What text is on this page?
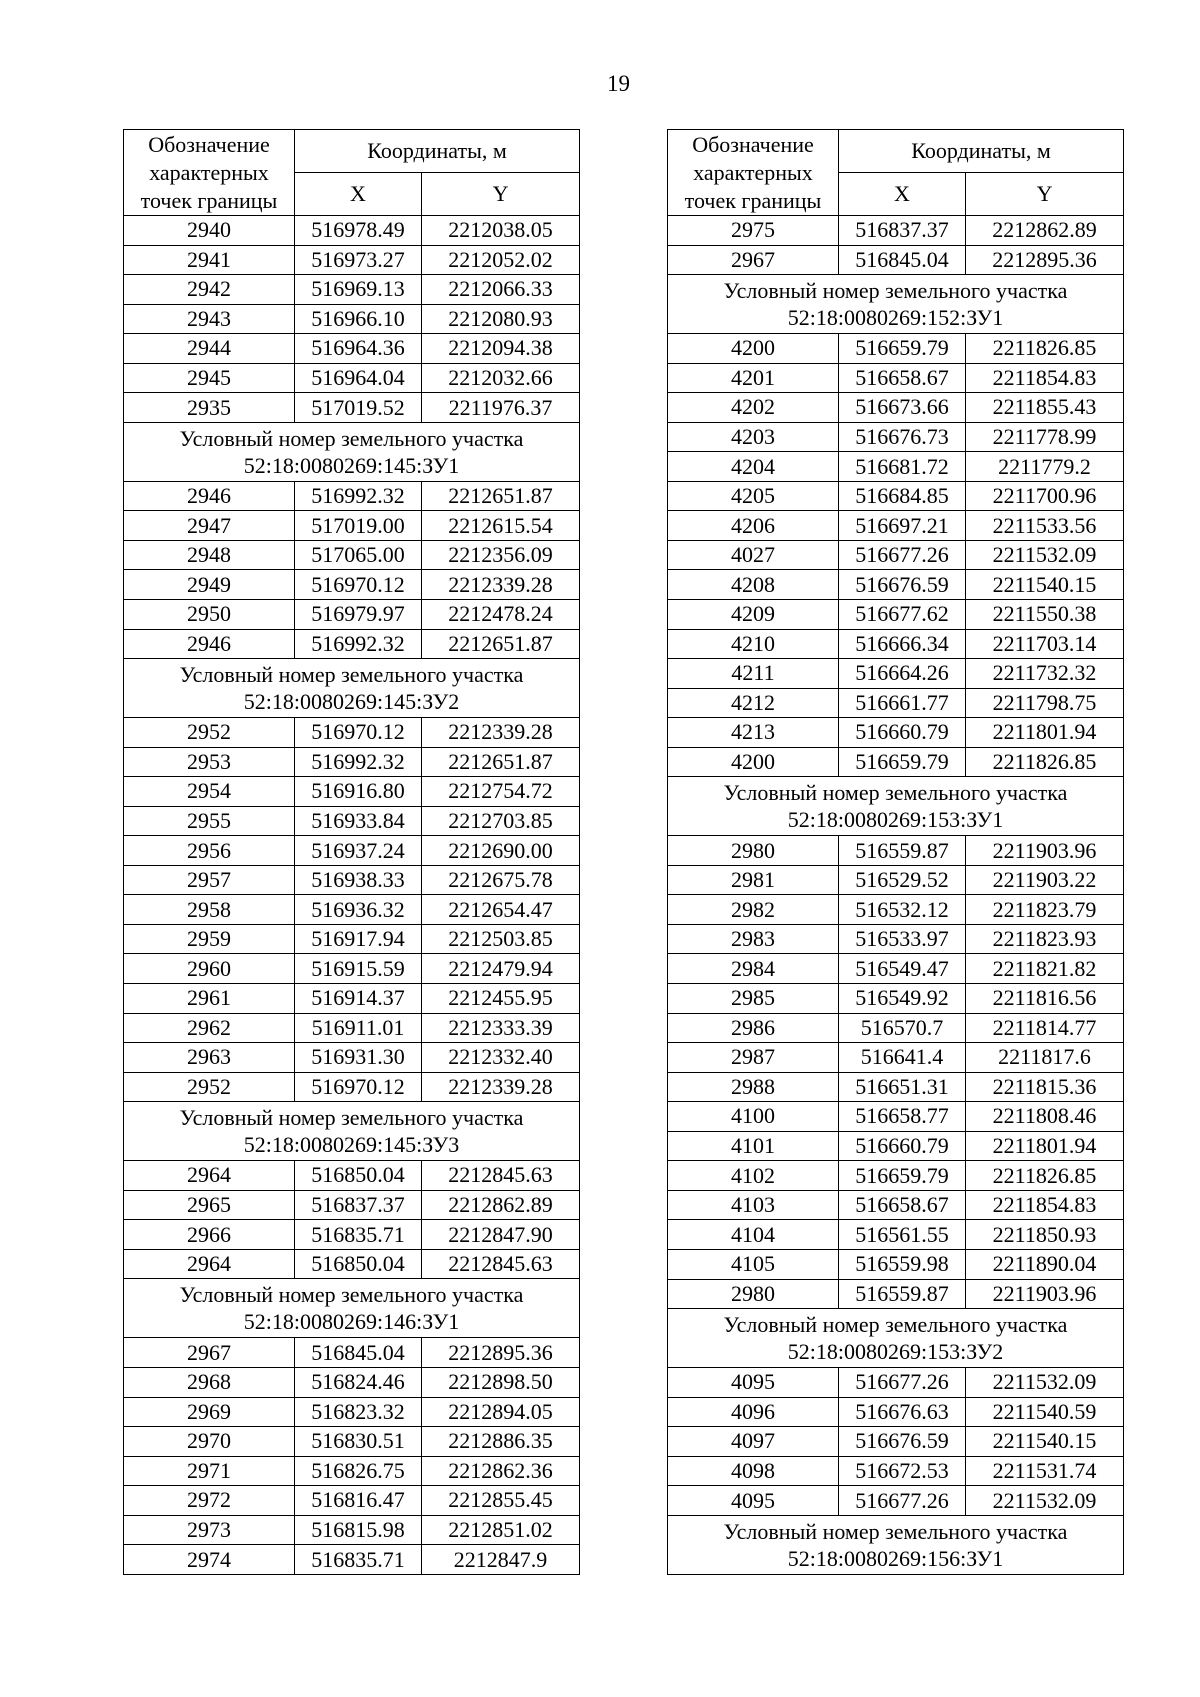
19
Обозначение характерных точек границы	Координаты, м	
	X	Y
2940	516978.49	2212038.05
2941	516973.27	2212052.02
2942	516969.13	2212066.33
2943	516966.10	2212080.93
2944	516964.36	2212094.38
2945	516964.04	2212032.66
2935	517019.52	2211976.37
Условный номер земельного участка 52:18:0080269:145:ЗУ1		
2946	516992.32	2212651.87
2947	517019.00	2212615.54
2948	517065.00	2212356.09
2949	516970.12	2212339.28
2950	516979.97	2212478.24
2946	516992.32	2212651.87
Условный номер земельного участка 52:18:0080269:145:ЗУ2		
2952	516970.12	2212339.28
2953	516992.32	2212651.87
2954	516916.80	2212754.72
2955	516933.84	2212703.85
2956	516937.24	2212690.00
2957	516938.33	2212675.78
2958	516936.32	2212654.47
2959	516917.94	2212503.85
2960	516915.59	2212479.94
2961	516914.37	2212455.95
2962	516911.01	2212333.39
2963	516931.30	2212332.40
2952	516970.12	2212339.28
Условный номер земельного участка 52:18:0080269:145:ЗУ3		
2964	516850.04	2212845.63
2965	516837.37	2212862.89
2966	516835.71	2212847.90
2964	516850.04	2212845.63
Условный номер земельного участка 52:18:0080269:146:ЗУ1		
2967	516845.04	2212895.36
2968	516824.46	2212898.50
2969	516823.32	2212894.05
2970	516830.51	2212886.35
2971	516826.75	2212862.36
2972	516816.47	2212855.45
2973	516815.98	2212851.02
2974	516835.71	2212847.9
Обозначение характерных точек границы	Координаты, м	
	X	Y
2975	516837.37	2212862.89
2967	516845.04	2212895.36
Условный номер земельного участка 52:18:0080269:152:ЗУ1		
4200	516659.79	2211826.85
4201	516658.67	2211854.83
4202	516673.66	2211855.43
4203	516676.73	2211778.99
4204	516681.72	2211779.2
4205	516684.85	2211700.96
4206	516697.21	2211533.56
4027	516677.26	2211532.09
4208	516676.59	2211540.15
4209	516677.62	2211550.38
4210	516666.34	2211703.14
4211	516664.26	2211732.32
4212	516661.77	2211798.75
4213	516660.79	2211801.94
4200	516659.79	2211826.85
Условный номер земельного участка 52:18:0080269:153:ЗУ1		
2980	516559.87	2211903.96
2981	516529.52	2211903.22
2982	516532.12	2211823.79
2983	516533.97	2211823.93
2984	516549.47	2211821.82
2985	516549.92	2211816.56
2986	516570.7	2211814.77
2987	516641.4	2211817.6
2988	516651.31	2211815.36
4100	516658.77	2211808.46
4101	516660.79	2211801.94
4102	516659.79	2211826.85
4103	516658.67	2211854.83
4104	516561.55	2211850.93
4105	516559.98	2211890.04
2980	516559.87	2211903.96
Условный номер земельного участка 52:18:0080269:153:ЗУ2		
4095	516677.26	2211532.09
4096	516676.63	2211540.59
4097	516676.59	2211540.15
4098	516672.53	2211531.74
4095	516677.26	2211532.09
Условный номер земельного участка 52:18:0080269:156:ЗУ1		
